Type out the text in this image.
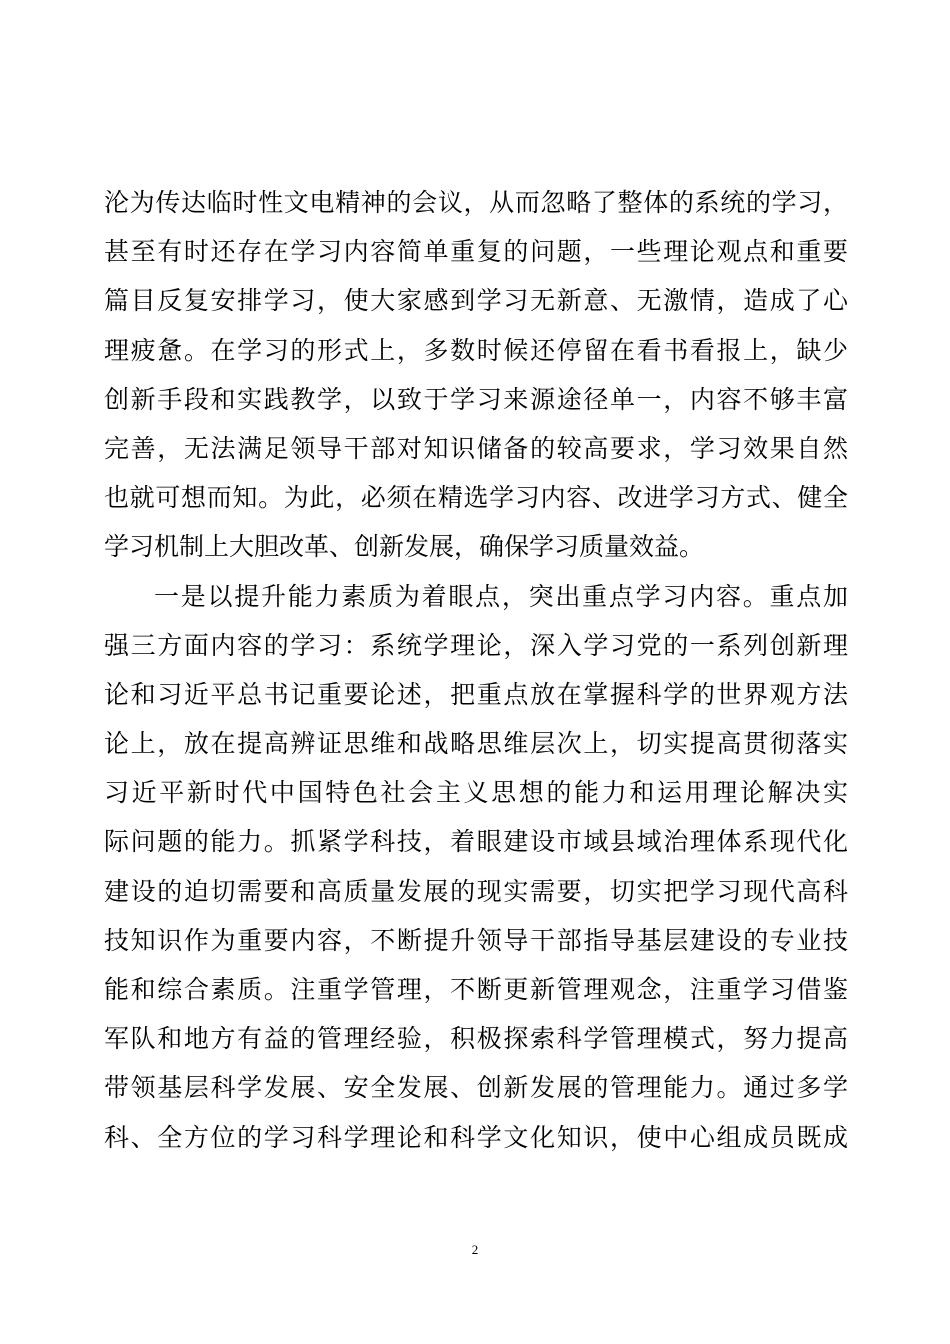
沦为传达临时性文电精神的会议，从而忽略了整体的系统的学习，
甚至有时还存在学习内容简单重复的问题，一些理论观点和重要
篇目反复安排学习，使大家感到学习无新意、无激情，造成了心
理疲惫。在学习的形式上，多数时候还停留在看书看报上，缺少
创新手段和实践教学，以致于学习来源途径单一，内容不够丰富
完善，无法满足领导干部对知识储备的较高要求，学习效果自然
也就可想而知。为此，必须在精选学习内容、改进学习方式、健全
学习机制上大胆改革、创新发展，确保学习质量效益。
一是以提升能力素质为着眼点，突出重点学习内容。重点加
强三方面内容的学习：系统学理论，深入学习党的一系列创新理
论和习近平总书记重要论述，把重点放在掌握科学的世界观方法
论上，放在提高辨证思维和战略思维层次上，切实提高贯彻落实
习近平新时代中国特色社会主义思想的能力和运用理论解决实
际问题的能力。抓紧学科技，着眼建设市域县域治理体系现代化
建设的迫切需要和高质量发展的现实需要，切实把学习现代高科
技知识作为重要内容，不断提升领导干部指导基层建设的专业技
能和综合素质。注重学管理，不断更新管理观念，注重学习借鉴
军队和地方有益的管理经验，积极探索科学管理模式，努力提高
带领基层科学发展、安全发展、创新发展的管理能力。通过多学
科、全方位的学习科学理论和科学文化知识，使中心组成员既成
2
